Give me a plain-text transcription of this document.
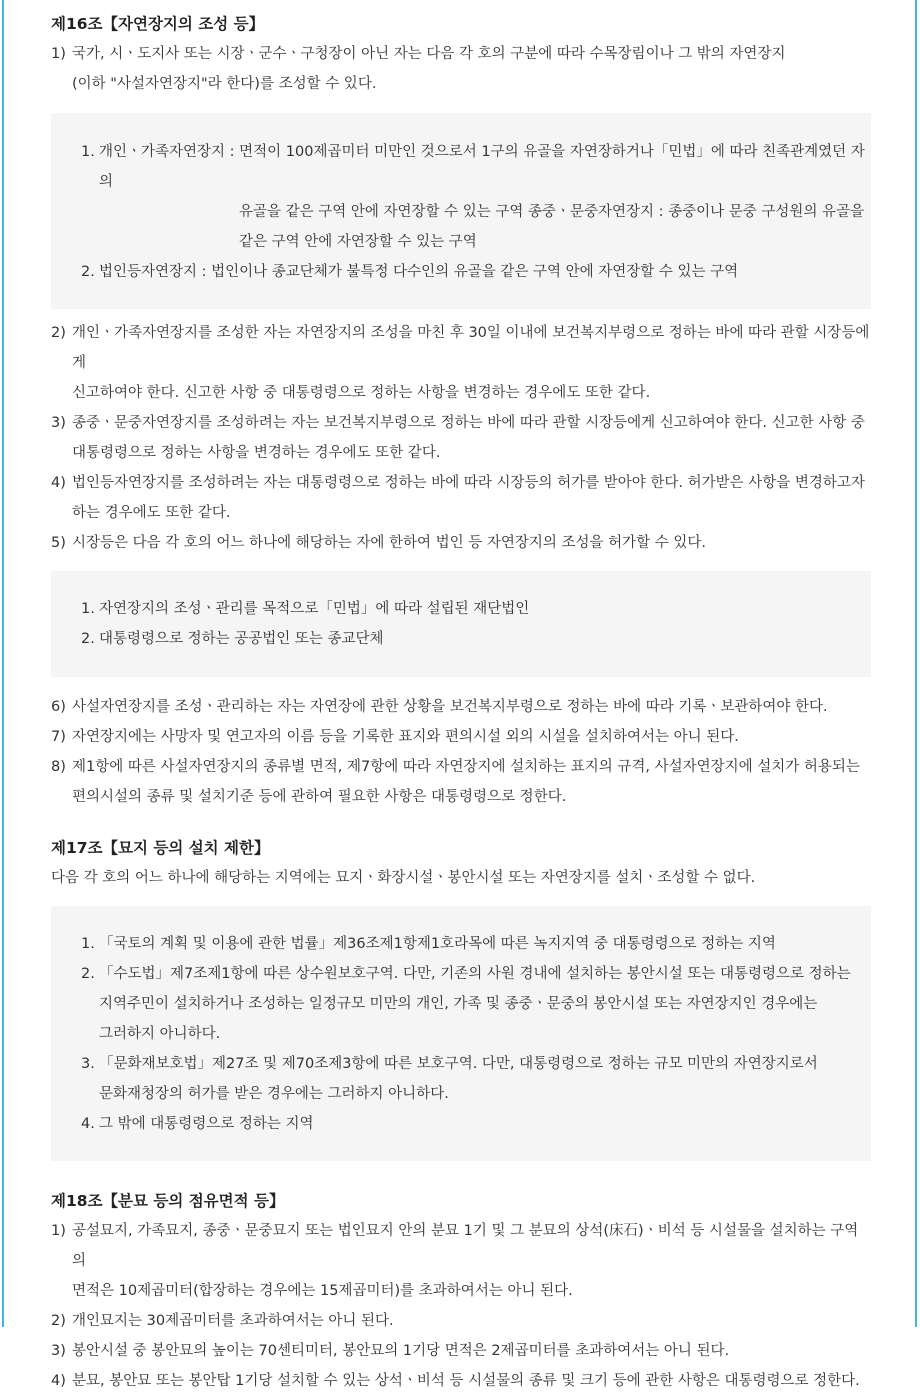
제16조【자연장지의 조성 등】
1) 국가, 시ㆍ도지사 또는 시장ㆍ군수ㆍ구청장이 아닌 자는 다음 각 호의 구분에 따라 수목장림이나 그 밖의 자연장지
(이하 "사설자연장지"라 한다)를 조성할 수 있다.
1. 개인ㆍ가족자연장지 : 면적이 100제곱미터 미만인 것으로서 1구의 유골을 자연장하거나「민법」에 따라 친족관계였던 자의
유골을 같은 구역 안에 자연장할 수 있는 구역 종중ㆍ문중자연장지 : 종중이나 문중 구성원의 유골을
같은 구역 안에 자연장할 수 있는 구역
2. 법인등자연장지 : 법인이나 종교단체가 불특정 다수인의 유골을 같은 구역 안에 자연장할 수 있는 구역
2) 개인ㆍ가족자연장지를 조성한 자는 자연장지의 조성을 마친 후 30일 이내에 보건복지부령으로 정하는 바에 따라 관할 시장등에게
신고하여야 한다. 신고한 사항 중 대통령령으로 정하는 사항을 변경하는 경우에도 또한 같다.
3) 종중ㆍ문중자연장지를 조성하려는 자는 보건복지부령으로 정하는 바에 따라 관할 시장등에게 신고하여야 한다. 신고한 사항 중
대통령령으로 정하는 사항을 변경하는 경우에도 또한 같다.
4) 법인등자연장지를 조성하려는 자는 대통령령으로 정하는 바에 따라 시장등의 허가를 받아야 한다. 허가받은 사항을 변경하고자
하는 경우에도 또한 같다.
5) 시장등은 다음 각 호의 어느 하나에 해당하는 자에 한하여 법인 등 자연장지의 조성을 허가할 수 있다.
1. 자연장지의 조성ㆍ관리를 목적으로「민법」에 따라 설립된 재단법인
2. 대통령령으로 정하는 공공법인 또는 종교단체
6) 사설자연장지를 조성ㆍ관리하는 자는 자연장에 관한 상황을 보건복지부령으로 정하는 바에 따라 기록ㆍ보관하여야 한다.
7) 자연장지에는 사망자 및 연고자의 이름 등을 기록한 표지와 편의시설 외의 시설을 설치하여서는 아니 된다.
8) 제1항에 따른 사설자연장지의 종류별 면적, 제7항에 따라 자연장지에 설치하는 표지의 규격, 사설자연장지에 설치가 허용되는
편의시설의 종류 및 설치기준 등에 관하여 필요한 사항은 대통령령으로 정한다.
제17조【묘지 등의 설치 제한】

다음 각 호의 어느 하나에 해당하는 지역에는 묘지ㆍ화장시설ㆍ봉안시설 또는 자연장지를 설치ㆍ조성할 수 없다.

1. 「국토의 계획 및 이용에 관한 법률」제36조제1항제1호라목에 따른 녹지지역 중 대통령령으로 정하는 지역
2. 「수도법」제7조제1항에 따른 상수원보호구역. 다만, 기존의 사원 경내에 설치하는 봉안시설 또는 대통령령으로 정하는
지역주민이 설치하거나 조성하는 일정규모 미만의 개인, 가족 및 종중ㆍ문중의 봉안시설 또는 자연장지인 경우에는
그러하지 아니하다.
3. 「문화재보호법」제27조 및 제70조제3항에 따른 보호구역. 다만, 대통령령으로 정하는 규모 미만의 자연장지로서
문화재청장의 허가를 받은 경우에는 그러하지 아니하다.
4. 그 밖에 대통령령으로 정하는 지역
제18조【분묘 등의 점유면적 등】
1) 공설묘지, 가족묘지, 종중ㆍ문중묘지 또는 법인묘지 안의 분묘 1기 및 그 분묘의 상석(床石)ㆍ비석 등 시설물을 설치하는 구역의
면적은 10제곱미터(합장하는 경우에는 15제곱미터)를 초과하여서는 아니 된다.
2) 개인묘지는 30제곱미터를 초과하여서는 아니 된다.
3) 봉안시설 중 봉안묘의 높이는 70센티미터, 봉안묘의 1기당 면적은 2제곱미터를 초과하여서는 아니 된다.
4) 분묘, 봉안묘 또는 봉안탑 1기당 설치할 수 있는 상석ㆍ비석 등 시설물의 종류 및 크기 등에 관한 사항은 대통령령으로 정한다.
